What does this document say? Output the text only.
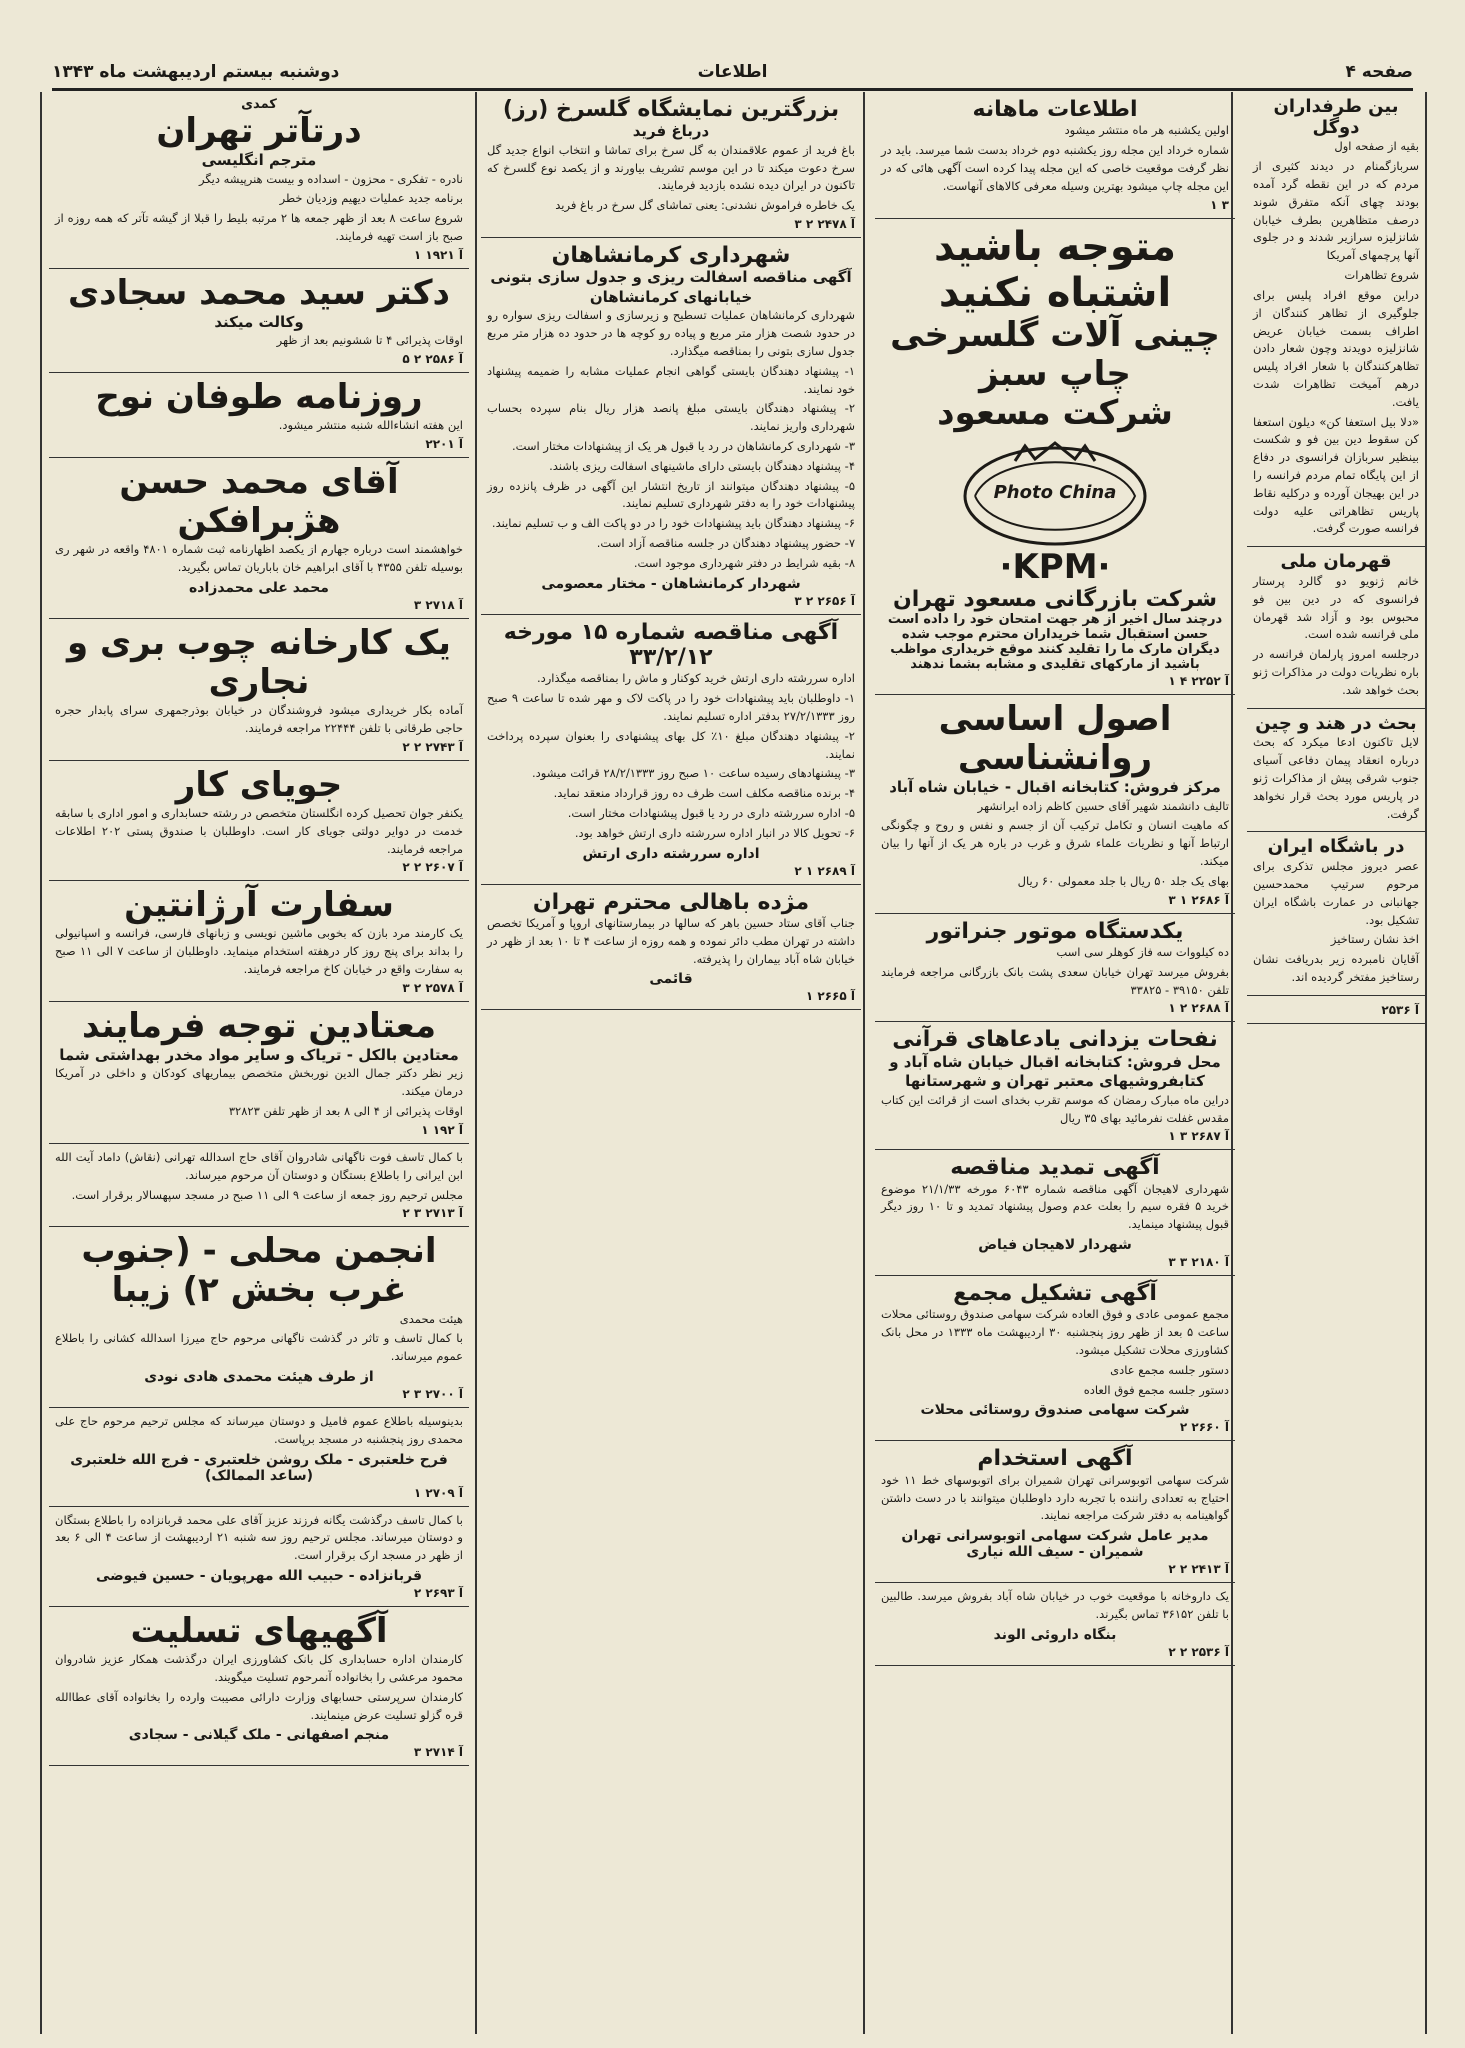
صفحه ۴
اطلاعات
دوشنبه بیستم اردیبهشت ماه ۱۳۴۳
بین طرفداران دوگل

بقیه از صفحه اول

سربازگمنام در دیدند کثیری از مردم که در این نقطه گرد آمده بودند چهای آنکه متفرق شوند درصف متظاهرین بطرف خیابان شانزلیزه سرازیر شدند و در جلوی آنها پرچمهای آمریکا

شروع تظاهرات

دراین موقع افراد پلیس برای جلوگیری از تظاهر کنندگان از اطراف بسمت خیابان عریض شانزلیزه دویدند وچون شعار دادن تظاهرکنندگان با شعار افراد پلیس درهم آمیخت تظاهرات شدت یافت.

«دلا بیل استعفا کن» دیلون استعفا کن سقوط دین بین فو و شکست بینظیر سربازان فرانسوی در دفاع از این پایگاه تمام مردم فرانسه را در این بهیجان آورده و درکلیه نقاط پاریس تظاهراتی علیه دولت فرانسه صورت گرفت.

قهرمان ملی

خانم ژنویو دو گالرد پرستار فرانسوی که در دین بین فو محبوس بود و آزاد شد قهرمان ملی فرانسه شده است.

درجلسه امروز پارلمان فرانسه در باره نظریات دولت در مذاکرات ژنو بحث خواهد شد.

بحث در هند و چین

لایل تاکنون ادعا میکرد که بحث درباره انعقاد پیمان دفاعی آسیای جنوب شرقی پیش از مذاکرات ژنو در پاریس مورد بحث قرار نخواهد گرفت.

در باشگاه ایران

عصر دیروز مجلس تذکری برای مرحوم سرتیپ محمدحسین جهانبانی در عمارت باشگاه ایران تشکیل بود.

اخذ نشان رستاخیز

آقایان نامبرده زیر بدریافت نشان رستاخیز مفتخر گردیده اند.

آ ۲۵۳۶
اطلاعات ماهانه

اولین یکشنبه هر ماه منتشر میشود

شماره خرداد این مجله روز یکشنبه دوم خرداد بدست شما میرسد. باید در نظر گرفت موقعیت خاصی که این مجله پیدا کرده است آگهی هائی که در این مجله چاپ میشود بهترین وسیله معرفی کالاهای آنهاست.

۳ ۱
متوجه باشید اشتباه نکنید
چینی آلات گلسرخی چاپ سبز
شرکت مسعود
Photo China
·KPM·
شرکت بازرگانی مسعود تهران
درچند سال اخیر از هر جهت امتحان خود را داده است حسن استقبال شما خریداران محترم موجب شده دیگران مارک ما را تقلید کنند موقع خریداری مواظب باشید از مارکهای تقلیدی و مشابه بشما ندهند
آ ۲۲۵۲ ۴ ۱
اصول اساسی روانشناسی
مرکز فروش: کتابخانه اقبال - خیابان شاه آباد

تالیف دانشمند شهیر آقای حسین کاظم زاده ایرانشهر

که ماهیت انسان و تکامل ترکیب آن از جسم و نفس و روح و چگونگی ارتباط آنها و نظریات علماء شرق و غرب در باره هر یک از آنها را بیان میکند.

بهای یک جلد ۵۰ ریال با جلد معمولی ۶۰ ریال

آ ۲۶۸۶ ۱ ۳
یکدستگاه موتور جنراتور

ده کیلووات سه فاز کوهلر سی اسب

بفروش میرسد تهران خیابان سعدی پشت بانک بازرگانی مراجعه فرمایند تلفن ۳۹۱۵۰ - ۳۳۸۲۵

آ ۲۶۸۸ ۲ ۱
نفحات یزدانی یادعاهای قرآنی
محل فروش: کتابخانه اقبال خیابان شاه آباد و کتابفروشیهای معتبر تهران و شهرستانها

دراین ماه مبارک رمضان که موسم تقرب بخدای است از قرائت این کتاب مقدس غفلت نفرمائید بهای ۳۵ ریال

آ ۲۶۸۷ ۳ ۱
آگهی تمدید مناقصه

شهرداری لاهیجان آگهی مناقصه شماره ۶۰۴۳ مورخه ۲۱/۱/۳۳ موضوع خرید ۵ فقره سیم را بعلت عدم وصول پیشنهاد تمدید و تا ۱۰ روز دیگر قبول پیشنهاد مینماید.

شهردار لاهیجان فیاض
آ ۲۱۸۰ ۳ ۳
آگهی تشکیل مجمع

مجمع عمومی عادی و فوق العاده شرکت سهامی صندوق روستائی محلات ساعت ۵ بعد از ظهر روز پنجشنبه ۳۰ اردیبهشت ماه ۱۳۳۳ در محل بانک کشاورزی محلات تشکیل میشود.

دستور جلسه مجمع عادی

دستور جلسه مجمع فوق العاده

شرکت سهامی صندوق روستائی محلات
آ ۲۶۶۰ ۲
آگهی استخدام

شرکت سهامی اتوبوسرانی تهران شمیران برای اتوبوسهای خط ۱۱ خود احتیاج به تعدادی راننده با تجربه دارد داوطلبان میتوانند با در دست داشتن گواهینامه به دفتر شرکت مراجعه نمایند.

مدیر عامل شرکت سهامی اتوبوسرانی تهران شمیران - سیف الله نیاری
آ ۲۴۱۳ ۲ ۲

یک داروخانه با موقعیت خوب در خیابان شاه آباد بفروش میرسد. طالبین با تلفن ۳۶۱۵۲ تماس بگیرند.

بنگاه داروئی الوند
آ ۲۵۳۶ ۲ ۲
بزرگترین نمایشگاه گلسرخ (رز)
درباغ فرید

باغ فرید از عموم علاقمندان به گل سرخ برای تماشا و انتخاب انواع جدید گل سرخ دعوت میکند تا در این موسم تشریف بیاورند و از یکصد نوع گلسرخ که تاکنون در ایران دیده نشده بازدید فرمایند.

یک خاطره فراموش نشدنی: یعنی تماشای گل سرخ در باغ فرید

آ ۲۴۷۸ ۲ ۳
شهرداری کرمانشاهان
آگهی مناقصه اسفالت ریزی و جدول سازی بتونی خیابانهای کرمانشاهان

شهرداری کرمانشاهان عملیات تسطیح و زیرسازی و اسفالت ریزی سواره رو در حدود شصت هزار متر مربع و پیاده رو کوچه ها در حدود ده هزار متر مربع جدول سازی بتونی را بمناقصه میگذارد.

۱- پیشنهاد دهندگان بایستی گواهی انجام عملیات مشابه را ضمیمه پیشنهاد خود نمایند.

۲- پیشنهاد دهندگان بایستی مبلغ پانصد هزار ریال بنام سپرده بحساب شهرداری واریز نمایند.

۳- شهرداری کرمانشاهان در رد یا قبول هر یک از پیشنهادات مختار است.

۴- پیشنهاد دهندگان بایستی دارای ماشینهای اسفالت ریزی باشند.

۵- پیشنهاد دهندگان میتوانند از تاریخ انتشار این آگهی در ظرف پانزده روز پیشنهادات خود را به دفتر شهرداری تسلیم نمایند.

۶- پیشنهاد دهندگان باید پیشنهادات خود را در دو پاکت الف و ب تسلیم نمایند.

۷- حضور پیشنهاد دهندگان در جلسه مناقصه آزاد است.

۸- بقیه شرایط در دفتر شهرداری موجود است.

شهردار کرمانشاهان - مختار معصومی
آ ۲۶۵۶ ۲ ۳
آگهی مناقصه شماره ۱۵ مورخه ۳۳/۲/۱۲

اداره سررشته داری ارتش خرید کوکنار و ماش را بمناقصه میگذارد.

۱- داوطلبان باید پیشنهادات خود را در پاکت لاک و مهر شده تا ساعت ۹ صبح روز ۲۷/۲/۱۳۳۳ بدفتر اداره تسلیم نمایند.

۲- پیشنهاد دهندگان مبلغ ۱۰٪ کل بهای پیشنهادی را بعنوان سپرده پرداخت نمایند.

۳- پیشنهادهای رسیده ساعت ۱۰ صبح روز ۲۸/۲/۱۳۳۳ قرائت میشود.

۴- برنده مناقصه مکلف است ظرف ده روز قرارداد منعقد نماید.

۵- اداره سررشته داری در رد یا قبول پیشنهادات مختار است.

۶- تحویل کالا در انبار اداره سررشته داری ارتش خواهد بود.

اداره سررشته داری ارتش
آ ۲۶۸۹ ۱ ۲
مژده باهالی محترم تهران

جناب آقای ستاد حسین باهر که سالها در بیمارستانهای اروپا و آمریکا تخصص داشته در تهران مطب دائر نموده و همه روزه از ساعت ۴ تا ۱۰ بعد از ظهر در خیابان شاه آباد بیماران را پذیرفته.

قائمی
آ ۲۶۶۵ ۱
کمدی
درتآتر تهران
مترجم انگلیسی

نادره - تفکری - محزون - اسداده و بیست هنرپیشه دیگر

برنامه جدید عملیات دیهیم وزدیان خطر

شروع ساعت ۸ بعد از ظهر جمعه ها ۲ مرتبه بلیط را قبلا از گیشه تآتر که همه روزه از صبح باز است تهیه فرمایند.

آ ۱۹۲۱ ۱
دکتر سید محمد سجادی
وکالت میکند

اوقات پذیرائی ۴ تا ششونیم بعد از ظهر

آ ۲۵۸۶ ۲ ۵
روزنامه طوفان نوح

این هفته انشاءالله شنبه منتشر میشود.

آ ۲۲۰۱
آقای محمد حسن هژبرافکن

خواهشمند است درباره جهارم از یکصد اظهارنامه ثبت شماره ۴۸۰۱ واقعه در شهر ری بوسیله تلفن ۴۳۵۵ با آقای ابراهیم خان باباریان تماس بگیرید.

محمد علی محمدزاده
آ ۲۷۱۸ ۳
یک کارخانه چوب بری و نجاری

آماده بکار خریداری میشود فروشندگان در خیابان بوذرجمهری سرای پابدار حجره حاجی طرقانی با تلفن ۲۲۴۴۴ مراجعه فرمایند.

آ ۲۷۴۳ ۲ ۲
جویای کار

یکنفر جوان تحصیل کرده انگلستان متخصص در رشته حسابداری و امور اداری با سابقه خدمت در دوایر دولتی جویای کار است. داوطلبان با صندوق پستی ۲۰۲ اطلاعات مراجعه فرمایند.

آ ۲۶۰۷ ۲ ۲
سفارت آرژانتین

یک کارمند مرد بازن که بخوبی ماشین نویسی و زبانهای فارسی، فرانسه و اسپانیولی را بداند برای پنج روز کار درهفته استخدام مینماید. داوطلبان از ساعت ۷ الی ۱۱ صبح به سفارت واقع در خیابان کاخ مراجعه فرمایند.

آ ۲۵۷۸ ۲ ۳
معتادین توجه فرمایند
معتادین بالکل - تریاک و سایر مواد مخدر بهداشتی شما

زیر نظر دکتر جمال الدین نوربخش متخصص بیماریهای کودکان و داخلی در آمریکا درمان میکند.

اوقات پذیرائی از ۴ الی ۸ بعد از ظهر تلفن ۳۲۸۲۳

آ ۱۹۲ ۱

با کمال تاسف فوت ناگهانی شادروان آقای حاج اسدالله تهرانی (نقاش) داماد آیت الله ابن ایرانی را باطلاع بستگان و دوستان آن مرحوم میرساند.

مجلس ترحیم روز جمعه از ساعت ۹ الی ۱۱ صبح در مسجد سپهسالار برقرار است.

آ ۲۷۱۳ ۳ ۲
انجمن محلی - (جنوب غرب بخش ۲) زیبا

هیئت محمدی

با کمال تاسف و تاثر در گذشت ناگهانی مرحوم حاج میرزا اسدالله کشانی را باطلاع عموم میرساند.

از طرف هیئت محمدی هادی نودی
آ ۲۷۰۰ ۳ ۲

بدینوسیله باطلاع عموم فامیل و دوستان میرساند که مجلس ترحیم مرحوم حاج علی محمدی روز پنجشنبه در مسجد برپاست.

فرح خلعتبری - ملک روشن خلعتبری - فرج الله خلعتبری (ساعد الممالک)
آ ۲۷۰۹ ۱

با کمال تاسف درگذشت یگانه فرزند عزیز آقای علی محمد قربانزاده را باطلاع بستگان و دوستان میرساند. مجلس ترحیم روز سه شنبه ۲۱ اردیبهشت از ساعت ۴ الی ۶ بعد از ظهر در مسجد ارک برقرار است.

قربانزاده - حبیب الله مهرپویان - حسین فیوضی
آ ۲۶۹۳ ۲
آگهیهای تسلیت

کارمندان اداره حسابداری کل بانک کشاورزی ایران درگذشت همکار عزیز شادروان محمود مرعشی را بخانواده آنمرحوم تسلیت میگویند.

کارمندان سرپرستی حسابهای وزارت دارائی مصیبت وارده را بخانواده آقای عطاالله قره گزلو تسلیت عرض مینمایند.

منجم اصفهانی - ملک گیلانی - سجادی
آ ۲۷۱۴ ۳
